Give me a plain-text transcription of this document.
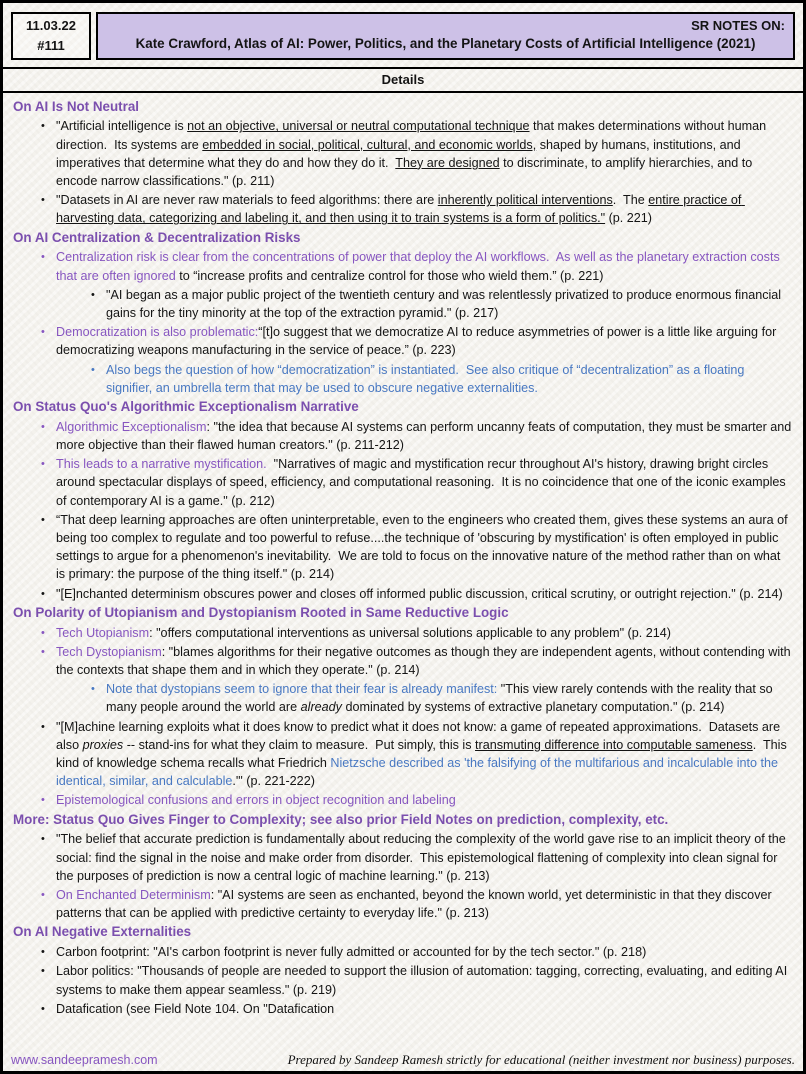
11.03.22
#111
SR NOTES ON:
Kate Crawford, Atlas of AI: Power, Politics, and the Planetary Costs of Artificial Intelligence (2021)
Details
On AI Is Not Neutral
• "Artificial intelligence is not an objective, universal or neutral computational technique that makes determinations without human direction.  Its systems are embedded in social, political, cultural, and economic worlds, shaped by humans, institutions, and imperatives that determine what they do and how they do it.  They are designed to discriminate, to amplify hierarchies, and to encode narrow classifications." (p. 211)
• "Datasets in AI are never raw materials to feed algorithms: there are inherently political interventions.  The entire practice of harvesting data, categorizing and labeling it, and then using it to train systems is a form of politics." (p. 221)
On AI Centralization & Decentralization Risks
• Centralization risk is clear from the concentrations of power that deploy the AI workflows.  As well as the planetary extraction costs that are often ignored to “increase profits and centralize control for those who wield them.” (p. 221)
• "AI began as a major public project of the twentieth century and was relentlessly privatized to produce enormous financial gains for the tiny minority at the top of the extraction pyramid." (p. 217)
• Democratization is also problematic:“[t]o suggest that we democratize AI to reduce asymmetries of power is a little like arguing for democratizing weapons manufacturing in the service of peace.” (p. 223)
• Also begs the question of how “democratization” is instantiated.  See also critique of “decentralization” as a floating signifier, an umbrella term that may be used to obscure negative externalities.
On Status Quo's Algorithmic Exceptionalism Narrative
• Algorithmic Exceptionalism: "the idea that because AI systems can perform uncanny feats of computation, they must be smarter and more objective than their flawed human creators." (p. 211-212)
• This leads to a narrative mystification.  "Narratives of magic and mystification recur throughout AI's history, drawing bright circles around spectacular displays of speed, efficiency, and computational reasoning.  It is no coincidence that one of the iconic examples of contemporary AI is a game." (p. 212)
• “That deep learning approaches are often uninterpretable, even to the engineers who created them, gives these systems an aura of being too complex to regulate and too powerful to refuse....the technique of 'obscuring by mystification' is often employed in public settings to argue for a phenomenon's inevitability.  We are told to focus on the innovative nature of the method rather than on what is primary: the purpose of the thing itself." (p. 214)
• "[E]nchanted determinism obscures power and closes off informed public discussion, critical scrutiny, or outright rejection." (p. 214)
On Polarity of Utopianism and Dystopianism Rooted in Same Reductive Logic
• Tech Utopianism: "offers computational interventions as universal solutions applicable to any problem" (p. 214)
• Tech Dystopianism: "blames algorithms for their negative outcomes as though they are independent agents, without contending with the contexts that shape them and in which they operate." (p. 214)
• Note that dystopians seem to ignore that their fear is already manifest: "This view rarely contends with the reality that so many people around the world are already dominated by systems of extractive planetary computation." (p. 214)
• "[M]achine learning exploits what it does know to predict what it does not know: a game of repeated approximations.  Datasets are also proxies -- stand-ins for what they claim to measure.  Put simply, this is transmuting difference into computable sameness.  This kind of knowledge schema recalls what Friedrich Nietzsche described as 'the falsifying of the multifarious and incalculable into the identical, similar, and calculable.'" (p. 221-222)
• Epistemological confusions and errors in object recognition and labeling
More: Status Quo Gives Finger to Complexity; see also prior Field Notes on prediction, complexity, etc.
• "The belief that accurate prediction is fundamentally about reducing the complexity of the world gave rise to an implicit theory of the social: find the signal in the noise and make order from disorder.  This epistemological flattening of complexity into clean signal for the purposes of prediction is now a central logic of machine learning." (p. 213)
• On Enchanted Determinism: "AI systems are seen as enchanted, beyond the known world, yet deterministic in that they discover patterns that can be applied with predictive certainty to everyday life." (p. 213)
On AI Negative Externalities
• Carbon footprint: "AI's carbon footprint is never fully admitted or accounted for by the tech sector." (p. 218)
• Labor politics: "Thousands of people are needed to support the illusion of automation: tagging, correcting, evaluating, and editing AI systems to make them appear seamless." (p. 219)
• Datafication (see Field Note 104. On "Datafication
www.sandeepramesh.com	Prepared by Sandeep Ramesh strictly for educational (neither investment nor business) purposes.
